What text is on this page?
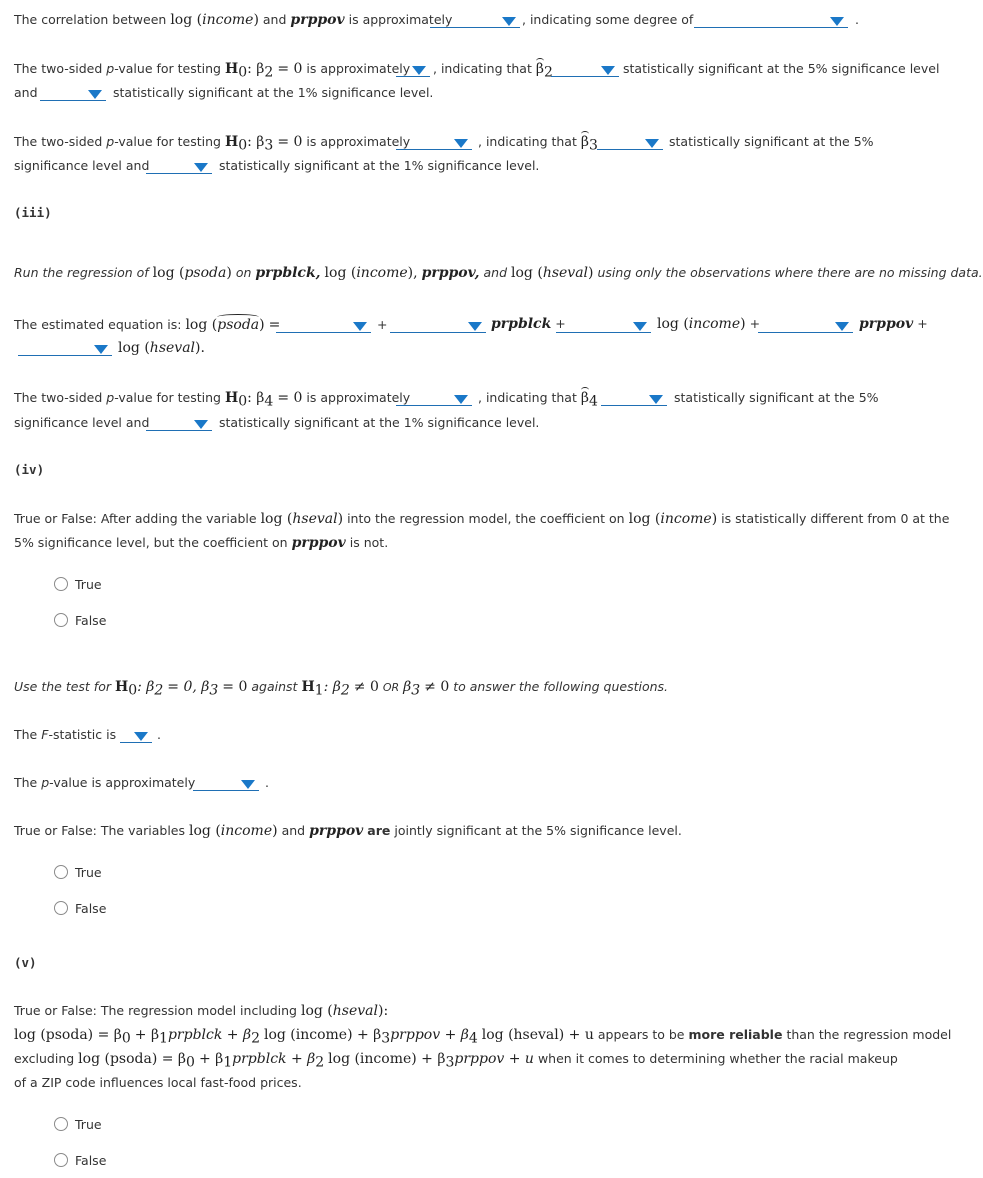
The correlation between log (income) and prppov is approximately	, indicating some degree of	.
The two-sided p-value for testing $H_0$: $\beta_2 = 0$ is approximately , indicating that $\beta_2$	statistically significant at the 5% significance level
and	statistically significant at the 1% significance level.
The two-sided p-value for testing $H_0$: $\beta_3 = 0$ is approximately	, indicating that $\beta_3$	statistically significant at the 5%
significance level and	statistically significant at the 1% significance level.
(iii)
Run the regression of log (psoda) on prpblck, log (income), prppov, and log (hseval) using only the observations where there are no missing data.
The estimated equation is: log (psoda) =	+	prpblck +	log (income) +	prppov +
log (hseval).
The two-sided p-value for testing $H_0$: $\beta_4 = 0$ is approximately	, indicating that $\beta_4$	statistically significant at the 5%
significance level and	statistically significant at the 1% significance level.
(iv)
True or False: After adding the variable log (hseval) into the regression model, the coefficient on log (income) is statistically different from 0 at the
5% significance level, but the coefficient on prppov is not.
True
False
Use the test for $H_0$: $\beta_2 = 0$, $\beta_3 = 0$ against $H_1$: $\beta_2 \ne 0$ OR $\beta_3 \ne 0$ to answer the following questions.
The F-statistic is	.
The p-value is approximately	.
True or False: The variables log (income) and prppov are jointly significant at the 5% significance level.
True
False
(v)
True or False: The regression model including log (hseval):
log (psoda) = $\beta_0$ + $\beta_1prpblck + \beta_2$ log (income) + $\beta_3prppov + \beta_4$ log (hseval) + u appears to be more reliable than the regression model
excluding log (psoda) = $\beta_0$ + $\beta_1prpblck + \beta_2$ log (income) + $\beta_3prppov + u$ when it comes to determining whether the racial makeup
of a ZIP code influences local fast-food prices.
True
False
